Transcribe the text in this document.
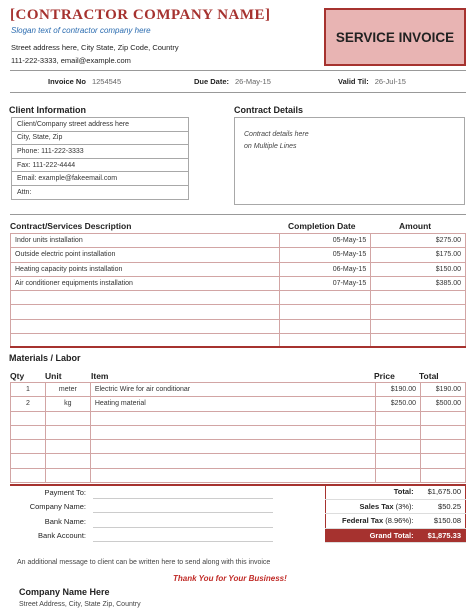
[CONTRACTOR COMPANY NAME]
Slogan text of contractor company here
Street address here, City State, Zip Code, Country
111-222-3333, email@example.com
SERVICE INVOICE
Invoice No 1254545	Due Date: 26-May-15	Valid Til: 26-Jul-15
Client Information
Client/Company street address here
City, State, Zip
Phone: 111-222-3333
Fax: 111-222-4444
Email: example@fakeemail.com
Attn:
Contract Details
Contract details here
on Multiple Lines
Contract/Services Description	Completion Date	Amount
Indor units installation	05-May-15	$275.00
Outside electric point installation	05-May-15	$175.00
Heating capacity points installation	06-May-15	$150.00
Air conditioner equipments installation	07-May-15	$385.00

Materials / Labor
Qty Unit	Item	Price	Total
1	meter	Electric Wire for air conditionar	$190.00	$190.00
2	kg	Heating material	$250.00	$500.00

Payment To:
Company Name:
Bank Name:
Bank Account:
Total:	$1,675.00
Sales Tax (3%):	$50.25
Federal Tax (8.96%):	$150.08
Grand Total:	$1,875.33
An additional message to client can be written here to send along with this invoice
Thank You for Your Business!
Company Name Here
Street Address, City, State Zip, Country
